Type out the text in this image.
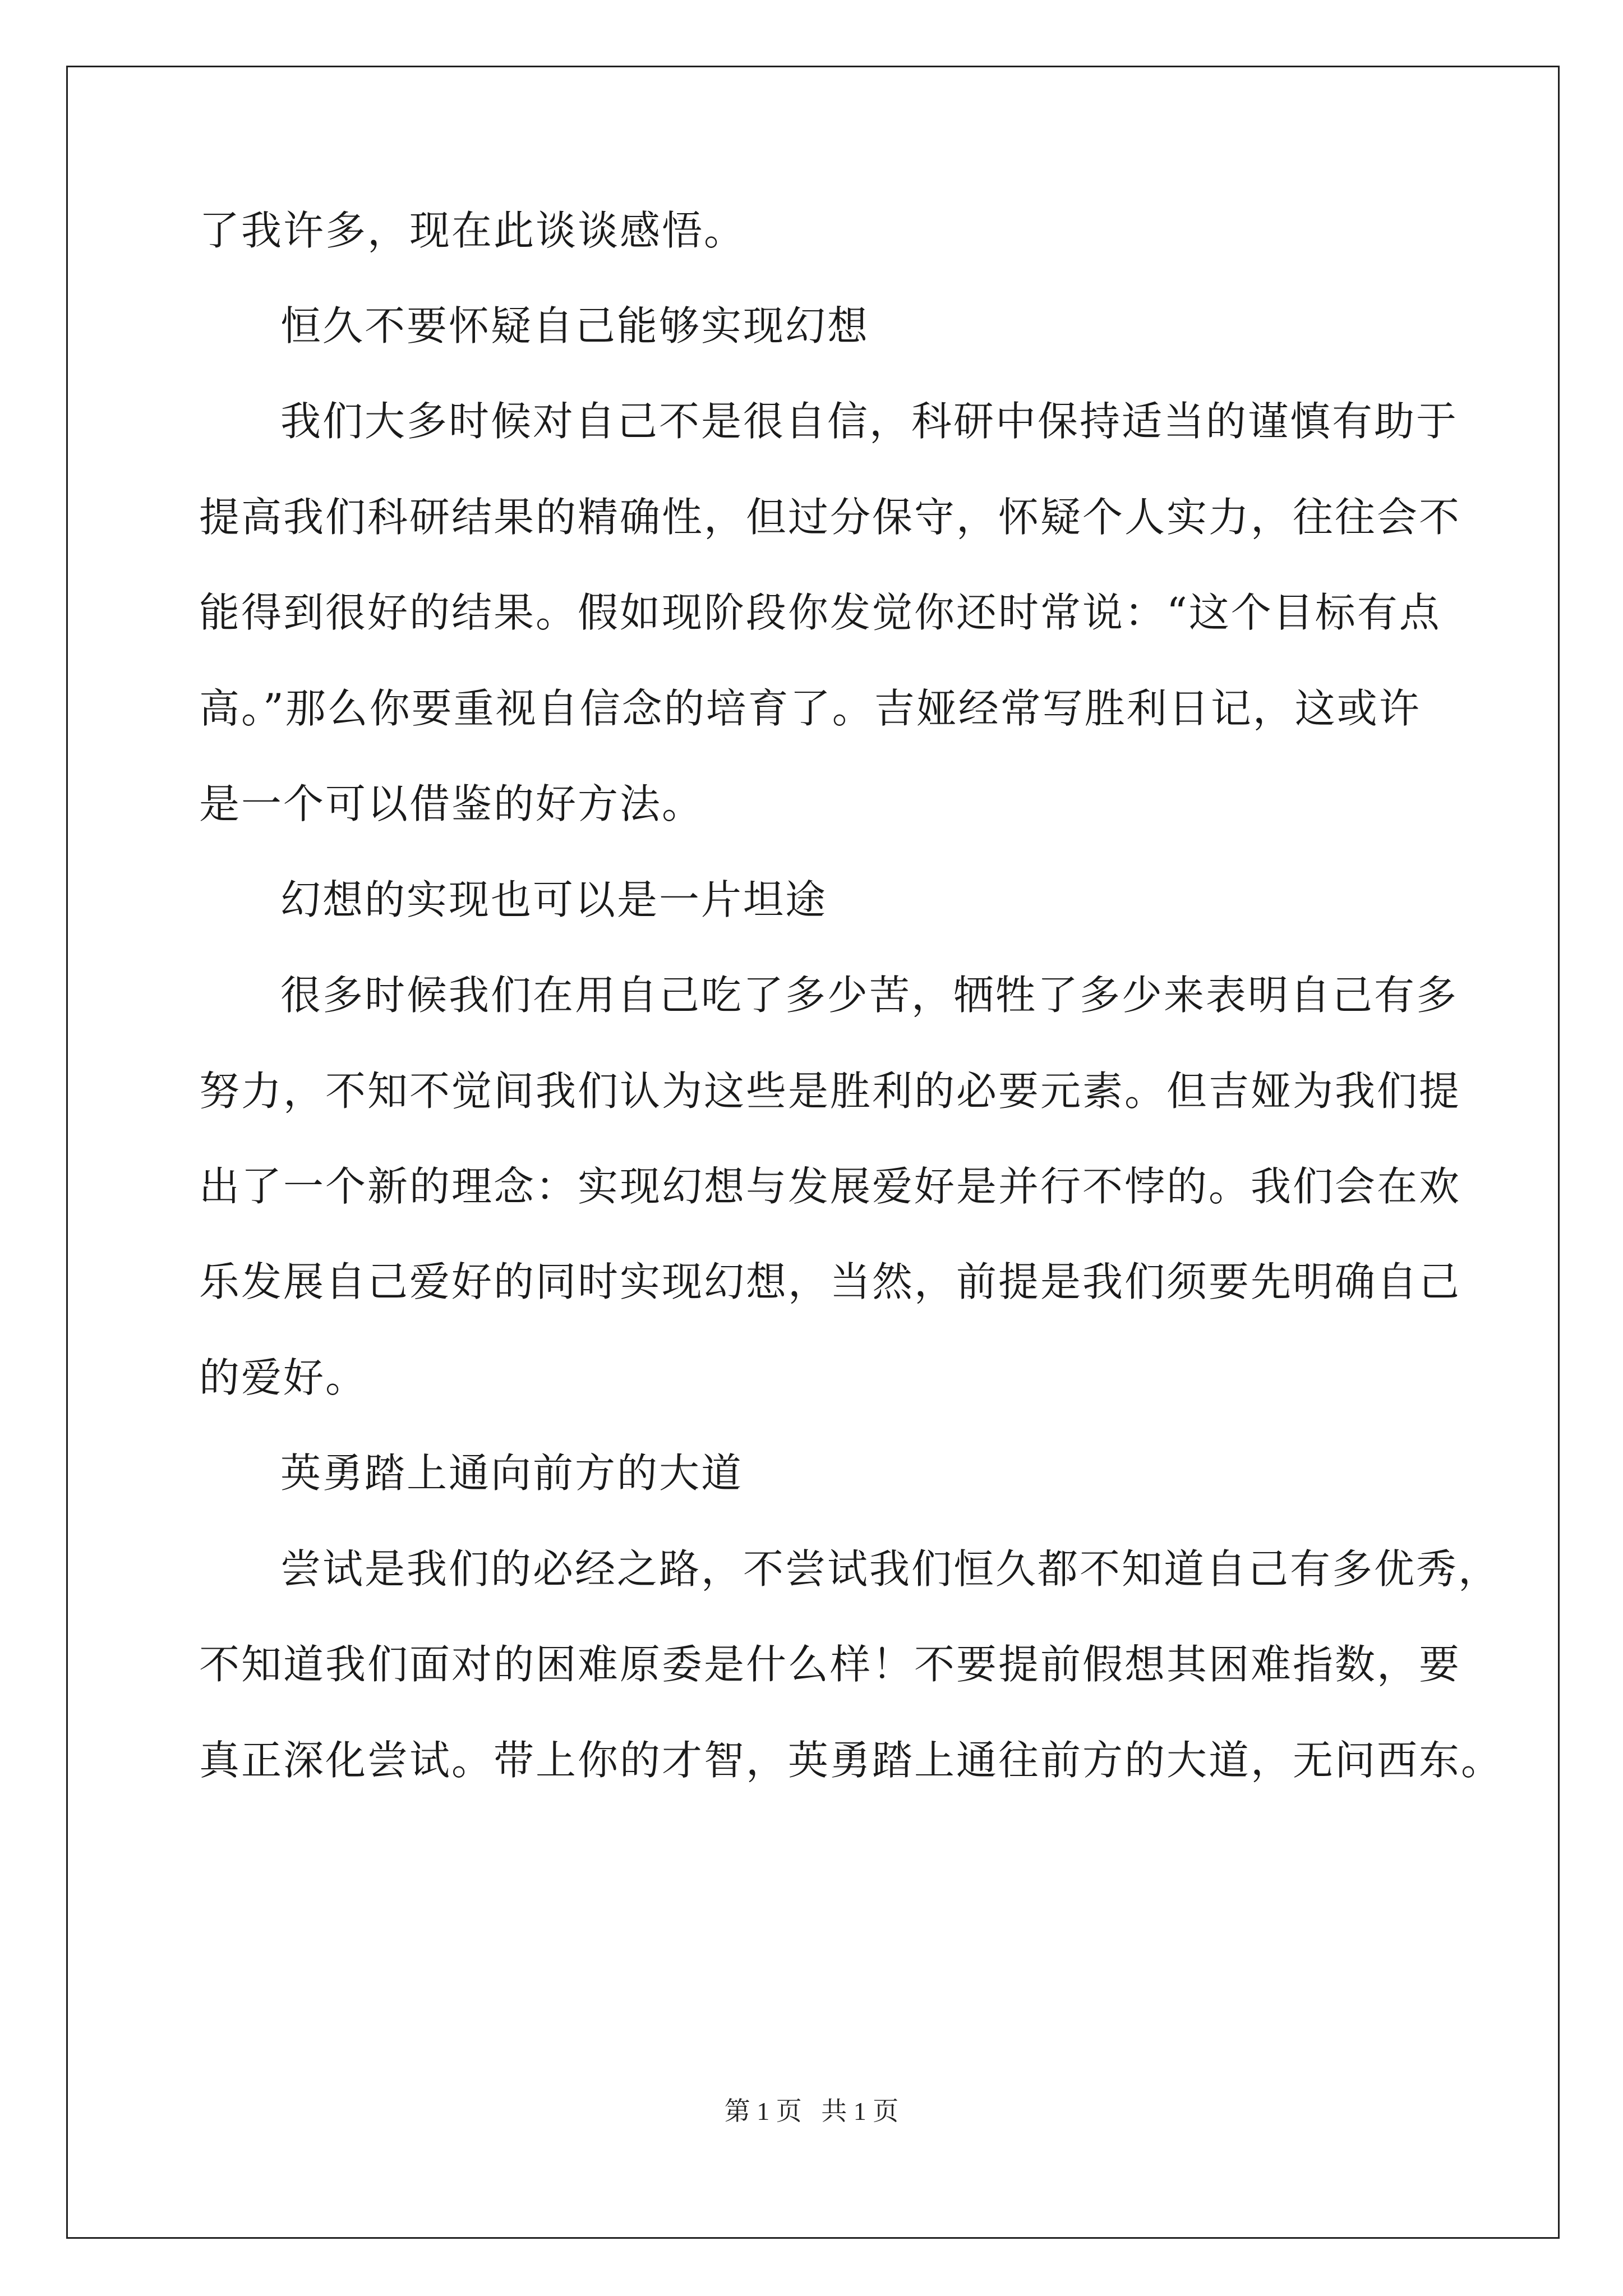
了我许多，现在此谈谈感悟。
恒久不要怀疑自己能够实现幻想
我们大多时候对自己不是很自信，科研中保持适当的谨慎有助于
提高我们科研结果的精确性，但过分保守，怀疑个人实力，往往会不
能得到很好的结果。假如现阶段你发觉你还时常说：“这个目标有点
高。”那么你要重视自信念的培育了。吉娅经常写胜利日记，这或许
是一个可以借鉴的好方法。
幻想的实现也可以是一片坦途
很多时候我们在用自己吃了多少苦，牺牲了多少来表明自己有多
努力，不知不觉间我们认为这些是胜利的必要元素。但吉娅为我们提
出了一个新的理念：实现幻想与发展爱好是并行不悖的。我们会在欢
乐发展自己爱好的同时实现幻想，当然，前提是我们须要先明确自己
的爱好。
英勇踏上通向前方的大道
尝试是我们的必经之路，不尝试我们恒久都不知道自己有多优秀，
不知道我们面对的困难原委是什么样！不要提前假想其困难指数，要
真正深化尝试。带上你的才智，英勇踏上通往前方的大道，无问西东。
第 1 页   共 1 页
